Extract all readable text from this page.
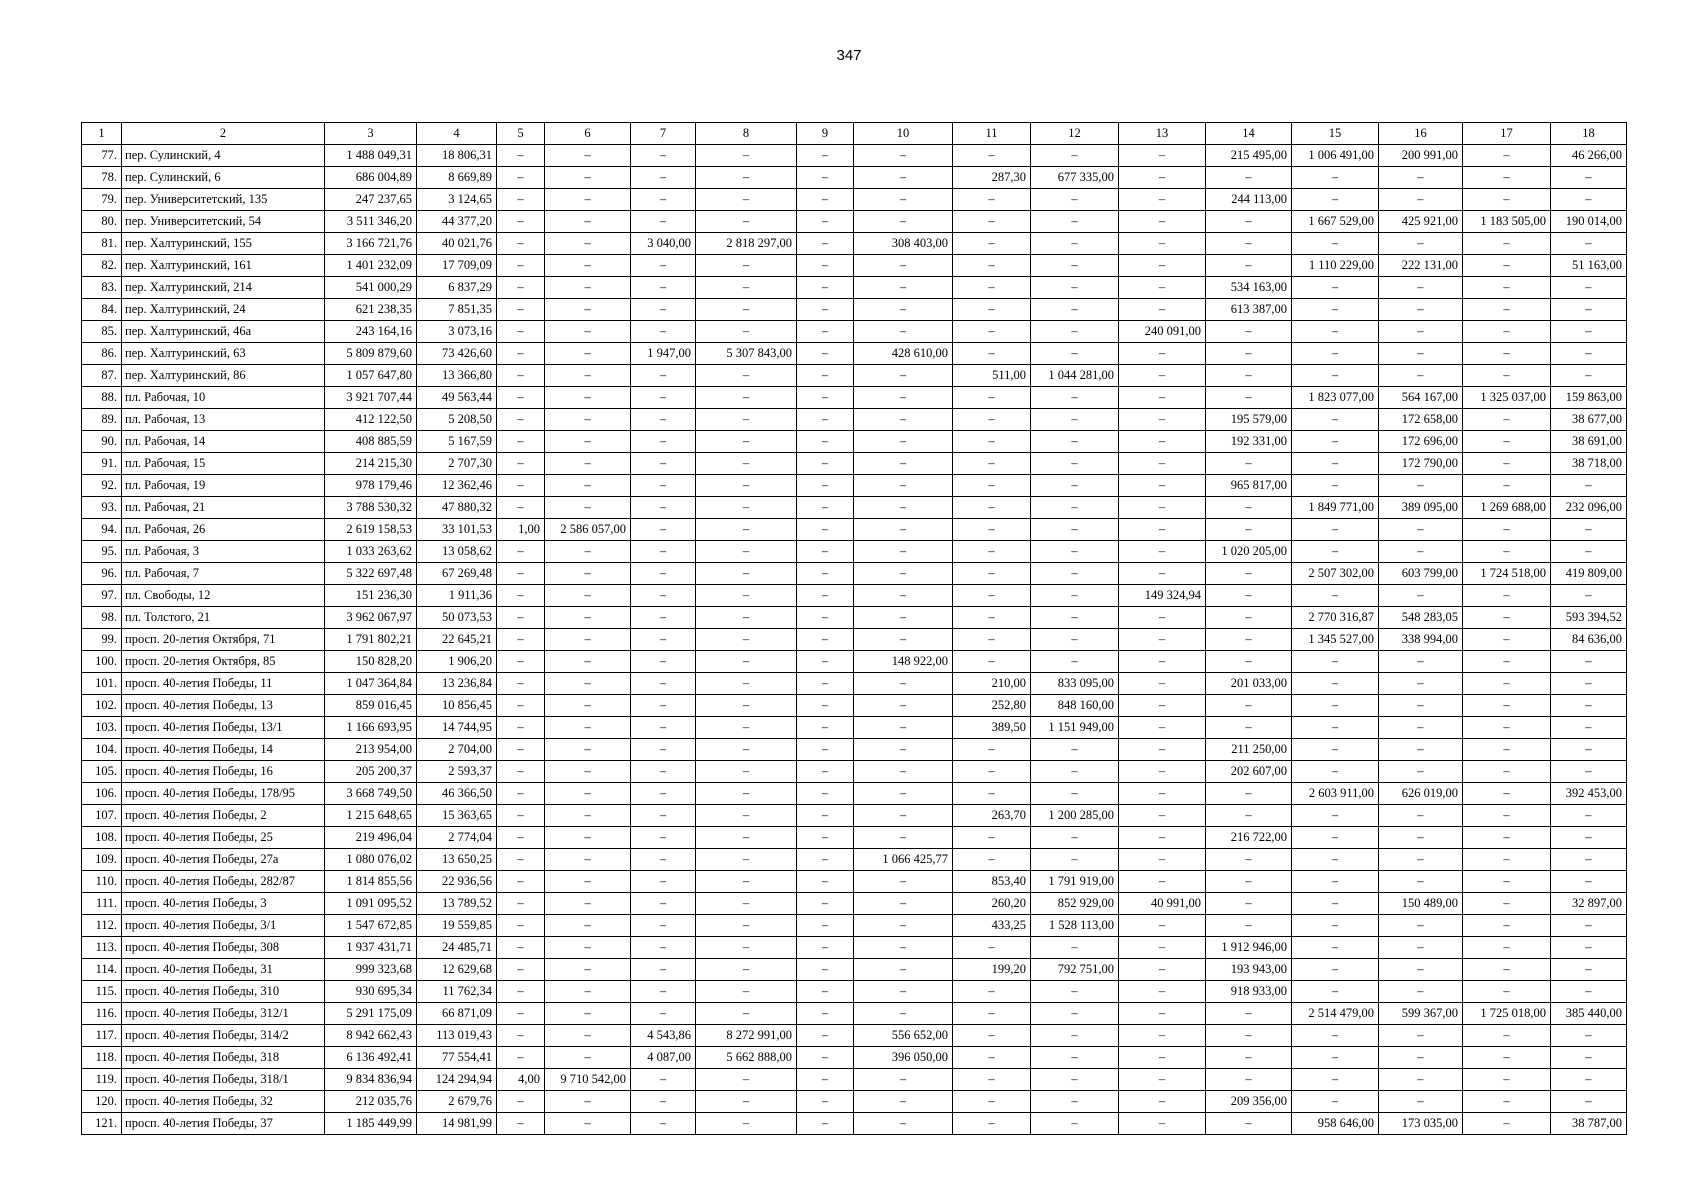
347
1	2	3	4	5	6	7	8	9	10	11	12	13	14	15	16	17	18
77.	пер. Сулинский, 4	1 488 049,31	18 806,31	–	–	–	–	–	–	–	–	–	215 495,00	1 006 491,00	200 991,00	–	46 266,00
78.	пер. Сулинский, 6	686 004,89	8 669,89	–	–	–	–	–	–	287,30	677 335,00	–	–	–	–	–	–
79.	пер. Университетский, 135	247 237,65	3 124,65	–	–	–	–	–	–	–	–	–	244 113,00	–	–	–	–
80.	пер. Университетский, 54	3 511 346,20	44 377,20	–	–	–	–	–	–	–	–	–	–	1 667 529,00	425 921,00	1 183 505,00	190 014,00
81.	пер. Халтуринский, 155	3 166 721,76	40 021,76	–	–	3 040,00	2 818 297,00	–	308 403,00	–	–	–	–	–	–	–	–
82.	пер. Халтуринский, 161	1 401 232,09	17 709,09	–	–	–	–	–	–	–	–	–	–	1 110 229,00	222 131,00	–	51 163,00
83.	пер. Халтуринский, 214	541 000,29	6 837,29	–	–	–	–	–	–	–	–	–	534 163,00	–	–	–	–
84.	пер. Халтуринский, 24	621 238,35	7 851,35	–	–	–	–	–	–	–	–	–	613 387,00	–	–	–	–
85.	пер. Халтуринский, 46а	243 164,16	3 073,16	–	–	–	–	–	–	–	–	240 091,00	–	–	–	–	–
86.	пер. Халтуринский, 63	5 809 879,60	73 426,60	–	–	1 947,00	5 307 843,00	–	428 610,00	–	–	–	–	–	–	–	–
87.	пер. Халтуринский, 86	1 057 647,80	13 366,80	–	–	–	–	–	–	511,00	1 044 281,00	–	–	–	–	–	–
88.	пл. Рабочая, 10	3 921 707,44	49 563,44	–	–	–	–	–	–	–	–	–	–	1 823 077,00	564 167,00	1 325 037,00	159 863,00
89.	пл. Рабочая, 13	412 122,50	5 208,50	–	–	–	–	–	–	–	–	–	195 579,00	–	172 658,00	–	38 677,00
90.	пл. Рабочая, 14	408 885,59	5 167,59	–	–	–	–	–	–	–	–	–	192 331,00	–	172 696,00	–	38 691,00
91.	пл. Рабочая, 15	214 215,30	2 707,30	–	–	–	–	–	–	–	–	–	–	–	172 790,00	–	38 718,00
92.	пл. Рабочая, 19	978 179,46	12 362,46	–	–	–	–	–	–	–	–	–	965 817,00	–	–	–	–
93.	пл. Рабочая, 21	3 788 530,32	47 880,32	–	–	–	–	–	–	–	–	–	–	1 849 771,00	389 095,00	1 269 688,00	232 096,00
94.	пл. Рабочая, 26	2 619 158,53	33 101,53	1,00	2 586 057,00	–	–	–	–	–	–	–	–	–	–	–	–
95.	пл. Рабочая, 3	1 033 263,62	13 058,62	–	–	–	–	–	–	–	–	–	1 020 205,00	–	–	–	–
96.	пл. Рабочая, 7	5 322 697,48	67 269,48	–	–	–	–	–	–	–	–	–	–	2 507 302,00	603 799,00	1 724 518,00	419 809,00
97.	пл. Свободы, 12	151 236,30	1 911,36	–	–	–	–	–	–	–	–	149 324,94	–	–	–	–	–
98.	пл. Толстого, 21	3 962 067,97	50 073,53	–	–	–	–	–	–	–	–	–	–	2 770 316,87	548 283,05	–	593 394,52
99.	просп. 20-летия Октября, 71	1 791 802,21	22 645,21	–	–	–	–	–	–	–	–	–	–	1 345 527,00	338 994,00	–	84 636,00
100.	просп. 20-летия Октября, 85	150 828,20	1 906,20	–	–	–	–	–	148 922,00	–	–	–	–	–	–	–	–
101.	просп. 40-летия Победы, 11	1 047 364,84	13 236,84	–	–	–	–	–	–	210,00	833 095,00	–	201 033,00	–	–	–	–
102.	просп. 40-летия Победы, 13	859 016,45	10 856,45	–	–	–	–	–	–	252,80	848 160,00	–	–	–	–	–	–
103.	просп. 40-летия Победы, 13/1	1 166 693,95	14 744,95	–	–	–	–	–	–	389,50	1 151 949,00	–	–	–	–	–	–
104.	просп. 40-летия Победы, 14	213 954,00	2 704,00	–	–	–	–	–	–	–	–	–	211 250,00	–	–	–	–
105.	просп. 40-летия Победы, 16	205 200,37	2 593,37	–	–	–	–	–	–	–	–	–	202 607,00	–	–	–	–
106.	просп. 40-летия Победы, 178/95	3 668 749,50	46 366,50	–	–	–	–	–	–	–	–	–	–	2 603 911,00	626 019,00	–	392 453,00
107.	просп. 40-летия Победы, 2	1 215 648,65	15 363,65	–	–	–	–	–	–	263,70	1 200 285,00	–	–	–	–	–	–
108.	просп. 40-летия Победы, 25	219 496,04	2 774,04	–	–	–	–	–	–	–	–	–	216 722,00	–	–	–	–
109.	просп. 40-летия Победы, 27а	1 080 076,02	13 650,25	–	–	–	–	–	1 066 425,77	–	–	–	–	–	–	–	–
110.	просп. 40-летия Победы, 282/87	1 814 855,56	22 936,56	–	–	–	–	–	–	853,40	1 791 919,00	–	–	–	–	–	–
111.	просп. 40-летия Победы, 3	1 091 095,52	13 789,52	–	–	–	–	–	–	260,20	852 929,00	40 991,00	–	–	150 489,00	–	32 897,00
112.	просп. 40-летия Победы, 3/1	1 547 672,85	19 559,85	–	–	–	–	–	–	433,25	1 528 113,00	–	–	–	–	–	–
113.	просп. 40-летия Победы, 308	1 937 431,71	24 485,71	–	–	–	–	–	–	–	–	–	1 912 946,00	–	–	–	–
114.	просп. 40-летия Победы, 31	999 323,68	12 629,68	–	–	–	–	–	–	199,20	792 751,00	–	193 943,00	–	–	–	–
115.	просп. 40-летия Победы, 310	930 695,34	11 762,34	–	–	–	–	–	–	–	–	–	918 933,00	–	–	–	–
116.	просп. 40-летия Победы, 312/1	5 291 175,09	66 871,09	–	–	–	–	–	–	–	–	–	–	2 514 479,00	599 367,00	1 725 018,00	385 440,00
117.	просп. 40-летия Победы, 314/2	8 942 662,43	113 019,43	–	–	4 543,86	8 272 991,00	–	556 652,00	–	–	–	–	–	–	–	–
118.	просп. 40-летия Победы, 318	6 136 492,41	77 554,41	–	–	4 087,00	5 662 888,00	–	396 050,00	–	–	–	–	–	–	–	–
119.	просп. 40-летия Победы, 318/1	9 834 836,94	124 294,94	4,00	9 710 542,00	–	–	–	–	–	–	–	–	–	–	–	–
120.	просп. 40-летия Победы, 32	212 035,76	2 679,76	–	–	–	–	–	–	–	–	–	209 356,00	–	–	–	–
121.	просп. 40-летия Победы, 37	1 185 449,99	14 981,99	–	–	–	–	–	–	–	–	–	–	958 646,00	173 035,00	–	38 787,00
